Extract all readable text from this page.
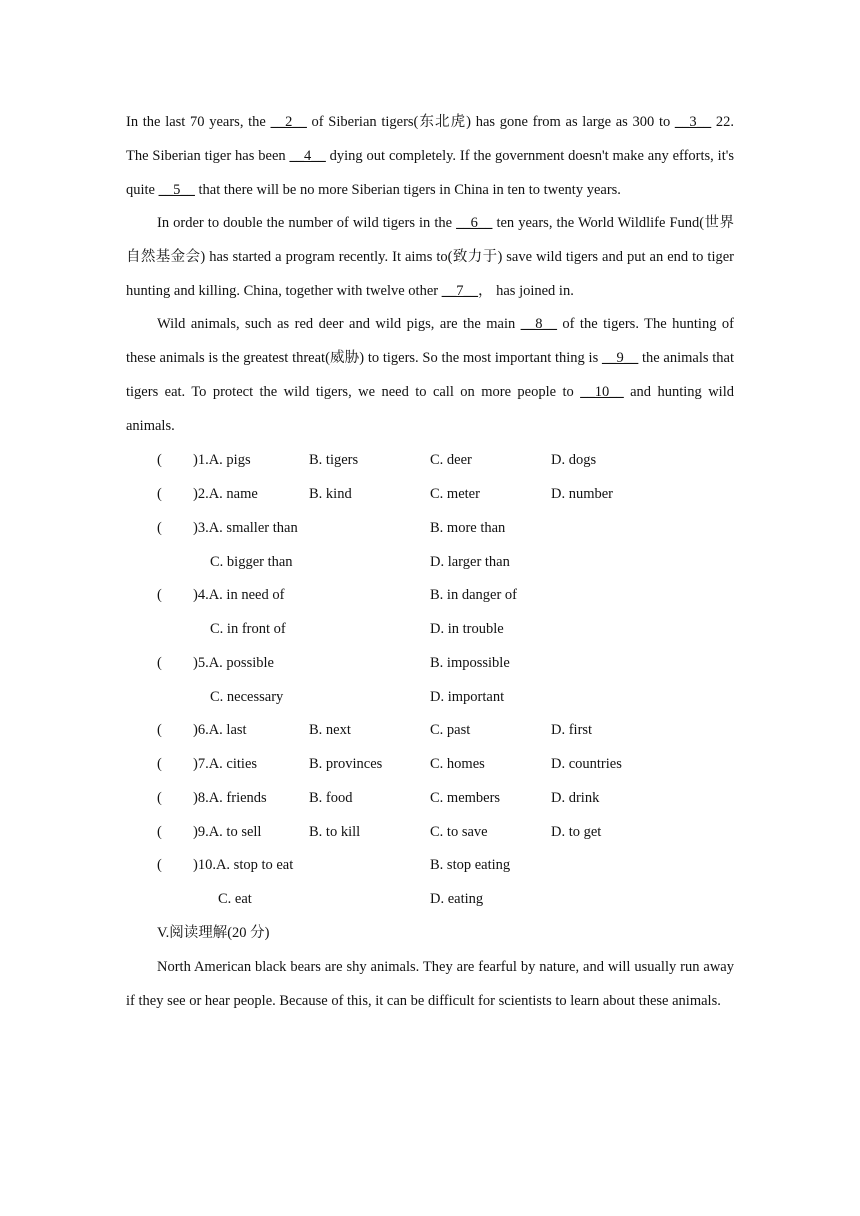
In the last 70 years, the __2__ of Siberian tigers(东北虎) has gone from as large as 300 to __3__ 22. The Siberian tiger has been __4__ dying out completely. If the government doesn't make any efforts, it's quite __5__ that there will be no more Siberian tigers in China in ten to twenty years.

In order to double the number of wild tigers in the __6__ ten years, the World Wildlife Fund(世界自然基金会) has started a program recently. It aims to(致力于) save wild tigers and put an end to tiger hunting and killing. China, together with twelve other __7__， has joined in.

Wild animals, such as red deer and wild pigs, are the main __8__ of the tigers. The hunting of these animals is the greatest threat(威胁) to tigers. So the most important thing is __9__ the animals that tigers eat. To protect the wild tigers, we need to call on more people to __10__ and hunting wild animals.

( )1.A. pigs	B. tigers	C. deer	D. dogs
( )2.A. name	B. kind	C. meter	D. number
( )3.A. smaller than	B. more than
C. bigger than	D. larger than
( )4.A. in need of	B. in danger of
C. in front of	D. in trouble
( )5.A. possible	B. impossible
C. necessary	D. important
( )6.A. last	B. next	C. past	D. first
( )7.A. cities	B. provinces	C. homes	D. countries
( )8.A. friends	B. food	C. members	D. drink
( )9.A. to sell	B. to kill	C. to save	D. to get
( )10.A. stop to eat	B. stop eating
C. eat	D. eating
V.阅读理解(20 分)

North American black bears are shy animals. They are fearful by nature, and will usually run away if they see or hear people. Because of this, it can be difficult for scientists to learn about these animals.
